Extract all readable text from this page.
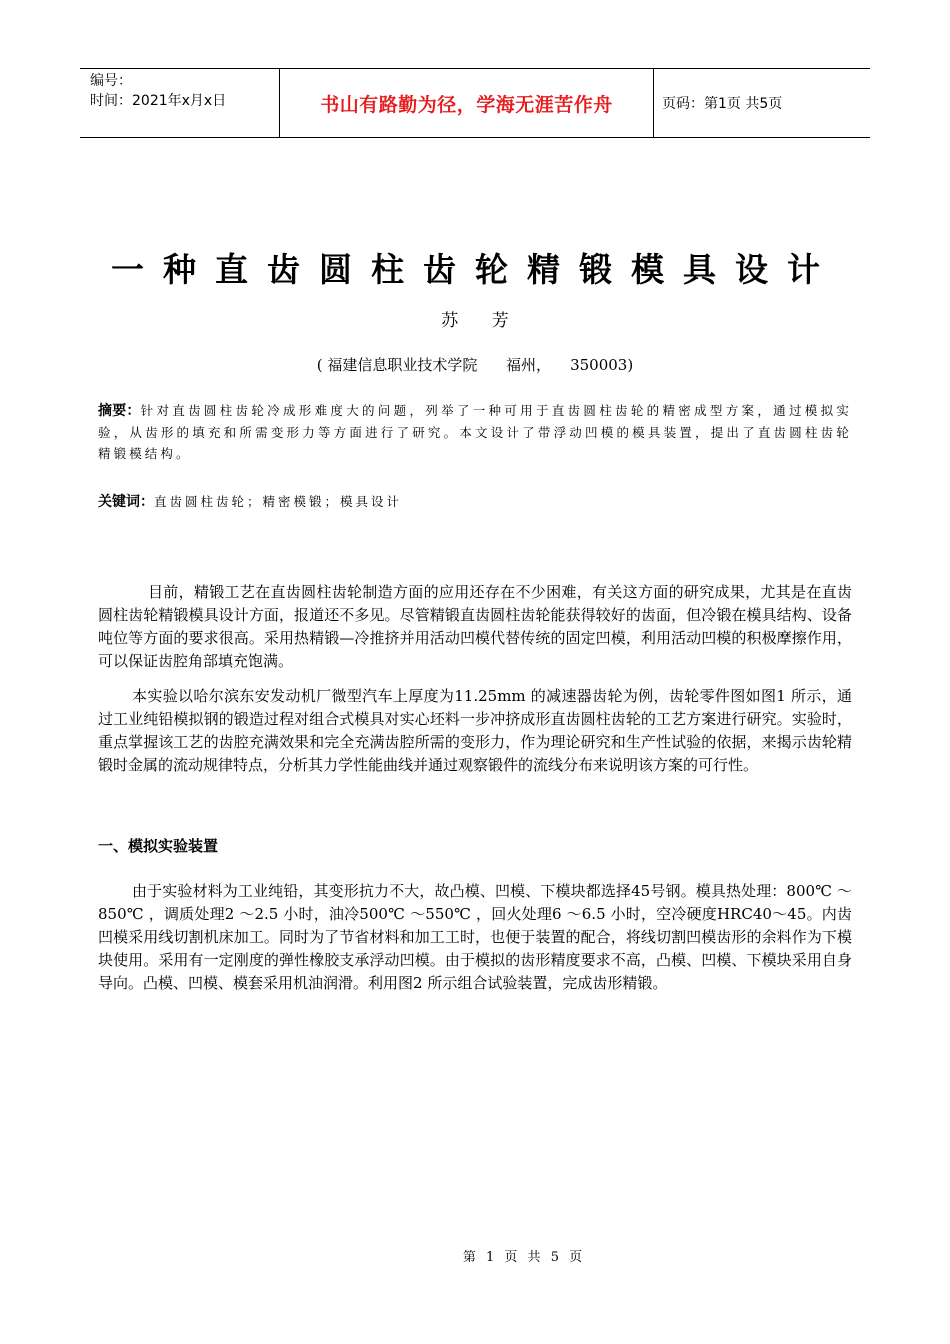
编号：
时间：2021年x月x日	书山有路勤为径，学海无涯苦作舟	页码：第1页 共5页
一种直齿圆柱齿轮精锻模具设计
苏 芳
( 福建信息职业技术学院      福州，    350003)
摘要：针对直齿圆柱齿轮冷成形难度大的问题，列举了一种可用于直齿圆柱齿轮的精密成型方案，通过模拟实验，从齿形的填充和所需变形力等方面进行了研究。本文设计了带浮动凹模的模具装置，提出了直齿圆柱齿轮精锻模结构。
关键词：直齿圆柱齿轮；精密模锻；模具设计
目前，精锻工艺在直齿圆柱齿轮制造方面的应用还存在不少困难，有关这方面的研究成果，尤其是在直齿圆柱齿轮精锻模具设计方面，报道还不多见。尽管精锻直齿圆柱齿轮能获得较好的齿面，但冷锻在模具结构、设备吨位等方面的要求很高。采用热精锻—冷推挤并用活动凹模代替传统的固定凹模，利用活动凹模的积极摩擦作用，可以保证齿腔角部填充饱满。
本实验以哈尔滨东安发动机厂微型汽车上厚度为11.25mm 的减速器齿轮为例，齿轮零件图如图1 所示，通过工业纯铅模拟钢的锻造过程对组合式模具对实心坯料一步冲挤成形直齿圆柱齿轮的工艺方案进行研究。实验时，重点掌握该工艺的齿腔充满效果和完全充满齿腔所需的变形力，作为理论研究和生产性试验的依据，来揭示齿轮精锻时金属的流动规律特点，分析其力学性能曲线并通过观察锻件的流线分布来说明该方案的可行性。
一、模拟实验装置
由于实验材料为工业纯铅，其变形抗力不大，故凸模、凹模、下模块都选择45号钢。模具热处理：800℃ ～850℃ ，调质处理2 ～2.5 小时，油冷500℃ ～550℃ ，回火处理6 ～6.5 小时，空冷硬度HRC40～45。内齿凹模采用线切割机床加工。同时为了节省材料和加工工时，也便于装置的配合，将线切割凹模齿形的余料作为下模块使用。采用有一定刚度的弹性橡胶支承浮动凹模。由于模拟的齿形精度要求不高，凸模、凹模、下模块采用自身导向。凸模、凹模、模套采用机油润滑。利用图2 所示组合试验装置，完成齿形精锻。
第 1 页 共 5 页
